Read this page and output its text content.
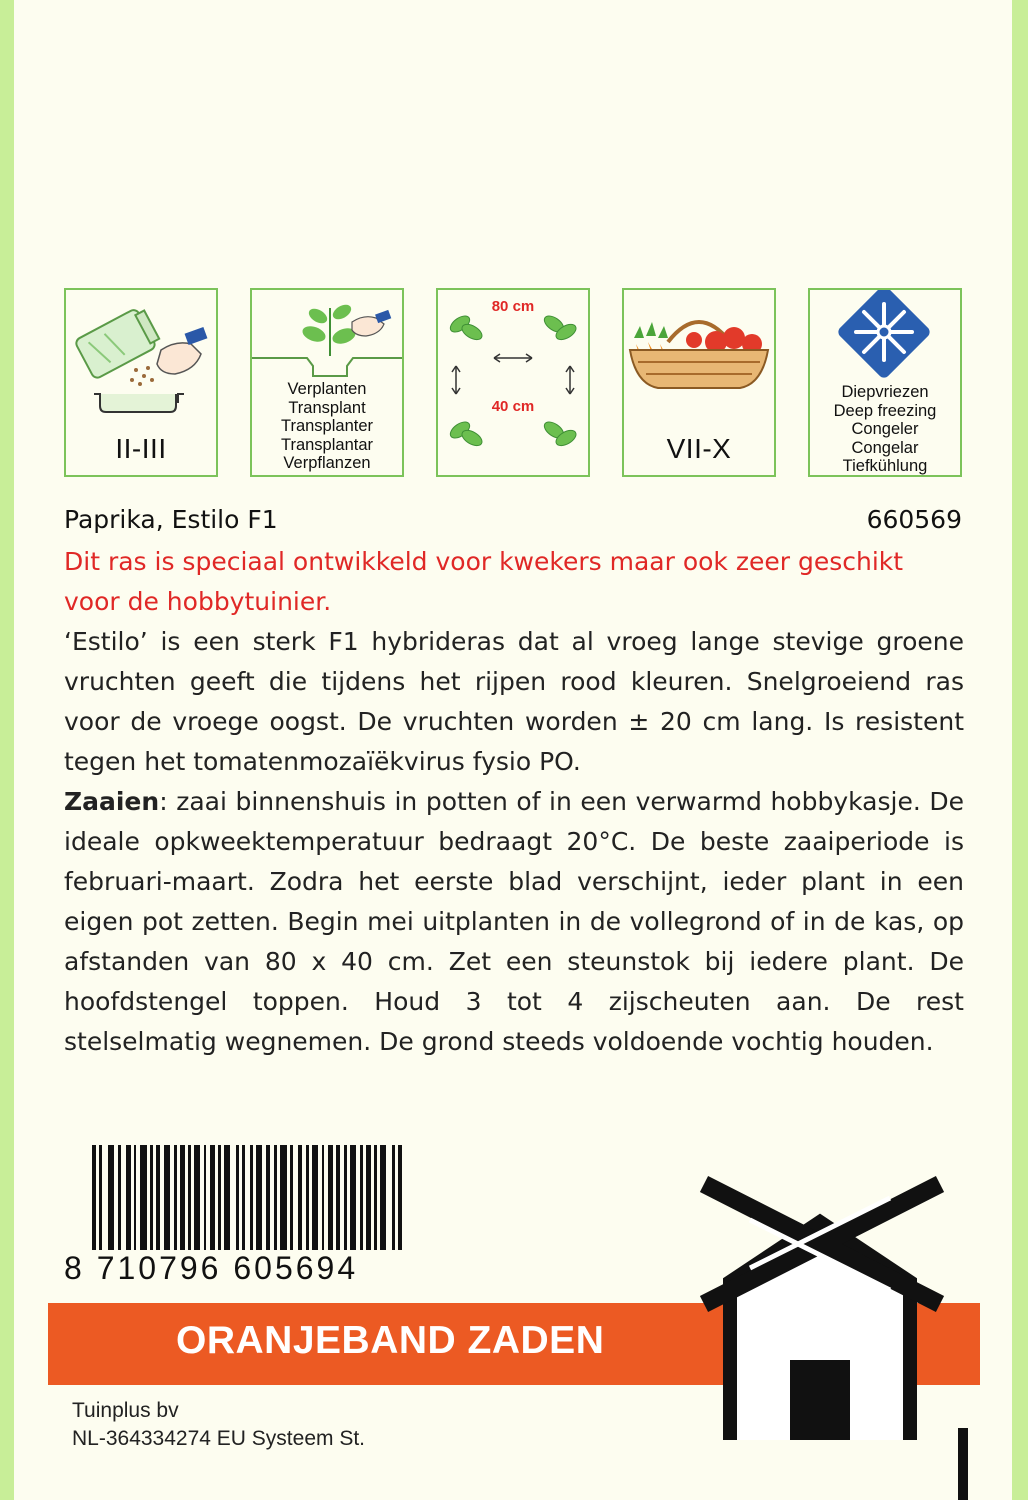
II-III
Verplanten
Transplant
Transplanter
Transplantar
Verpflanzen
80 cm
40 cm
VII-X
Diepvriezen
Deep freezing
Congeler
Congelar
Tiefkühlung
Paprika, Estilo F1	660569
Dit ras is speciaal ontwikkeld voor kwekers maar ook zeer geschikt voor de hobbytuinier.

‘Estilo’ is een sterk F1 hybrideras dat al vroeg lange stevige groene vruchten geeft die tijdens het rijpen rood kleuren. Snelgroeiend ras voor de vroege oogst. De vruchten worden ± 20 cm lang. Is resistent tegen het tomatenmozaïëkvirus fysio PO.

Zaaien: zaai binnenshuis in potten of in een verwarmd hobbykasje. De ideale opkweektemperatuur bedraagt 20°C. De beste zaaiperiode is februari-maart. Zodra het eerste blad verschijnt, ieder plant in een eigen pot zetten. Begin mei uitplanten in de vollegrond of in de kas, op afstanden van 80 x 40 cm. Zet een steunstok bij iedere plant. De hoofdstengel toppen. Houd 3 tot 4 zijscheuten aan. De rest stelselmatig wegnemen. De grond steeds voldoende vochtig houden.

8 710796 605694
ORANJEBAND ZADEN
Tuinplus bv
NL-364334274 EU Systeem St.
